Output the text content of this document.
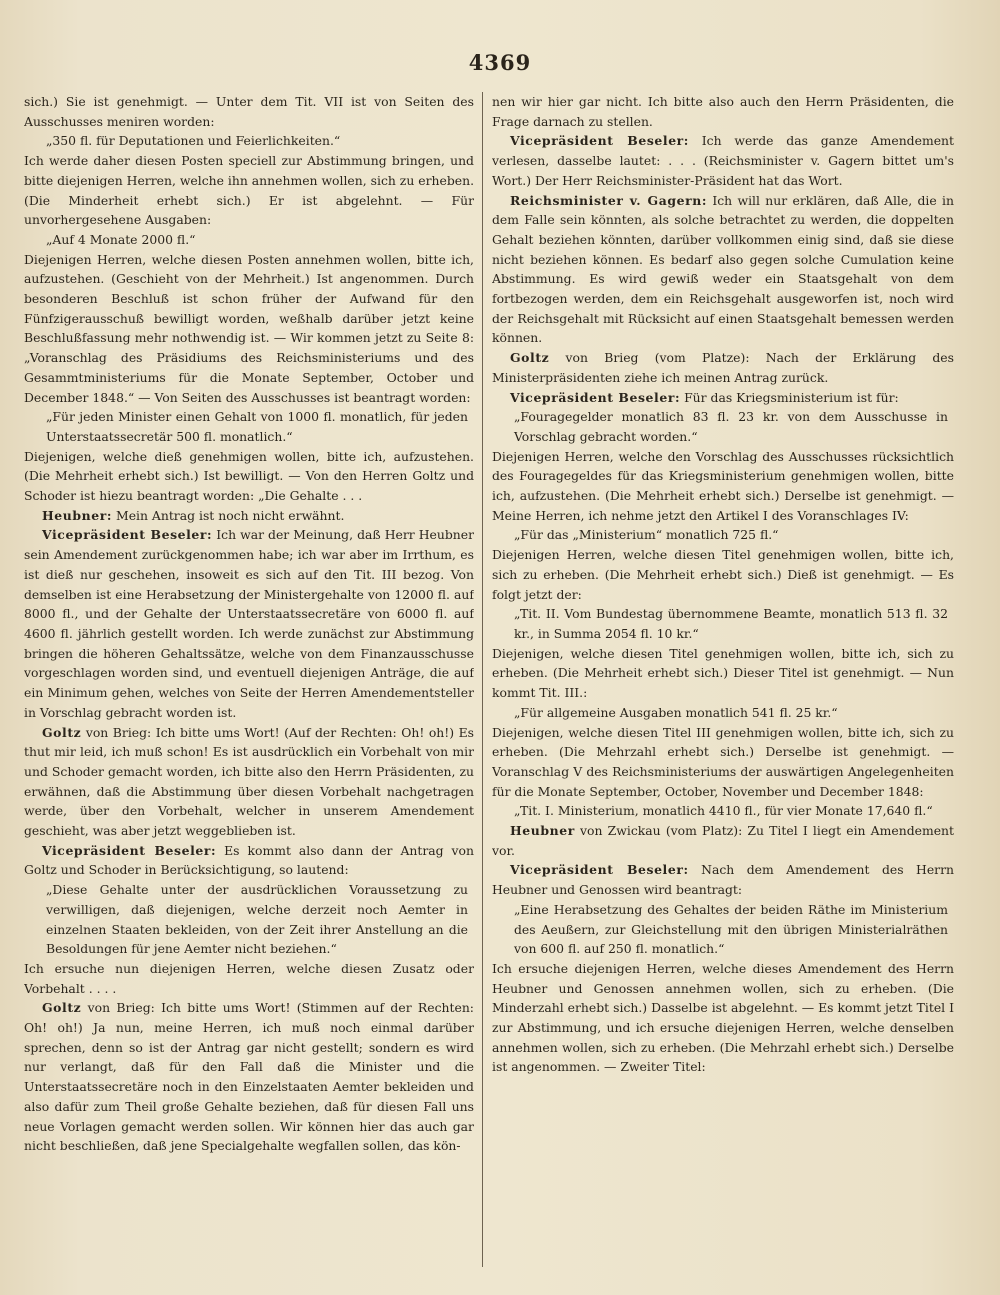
4369

sich.) Sie ist genehmigt. — Unter dem Tit. VII ist von Seiten des Ausschusses meniren worden:

„350 fl. für Deputationen und Feierlichkeiten.“

Ich werde daher diesen Posten speciell zur Abstimmung bringen, und bitte diejenigen Herren, welche ihn annehmen wollen, sich zu erheben. (Die Minderheit erhebt sich.) Er ist abgelehnt. — Für unvorhergesehene Ausgaben:

„Auf 4 Monate 2000 fl.“

Diejenigen Herren, welche diesen Posten annehmen wollen, bitte ich, aufzustehen. (Geschieht von der Mehrheit.) Ist angenommen. Durch besonderen Beschluß ist schon früher der Aufwand für den Fünfzigerausschuß bewilligt worden, weßhalb darüber jetzt keine Beschlußfassung mehr nothwendig ist. — Wir kommen jetzt zu Seite 8: „Voranschlag des Präsidiums des Reichsministeriums und des Gesammtministeriums für die Monate September, October und December 1848.“ — Von Seiten des Ausschusses ist beantragt worden:

„Für jeden Minister einen Gehalt von 1000 fl. monatlich, für jeden Unterstaatssecretär 500 fl. monatlich.“

Diejenigen, welche dieß genehmigen wollen, bitte ich, aufzustehen. (Die Mehrheit erhebt sich.) Ist bewilligt. — Von den Herren Goltz und Schoder ist hiezu beantragt worden: „Die Gehalte . . .

Heubner: Mein Antrag ist noch nicht erwähnt.

Vicepräsident Beseler: Ich war der Meinung, daß Herr Heubner sein Amendement zurückgenommen habe; ich war aber im Irrthum, es ist dieß nur geschehen, insoweit es sich auf den Tit. III bezog. Von demselben ist eine Herabsetzung der Ministergehalte von 12000 fl. auf 8000 fl., und der Gehalte der Unterstaatssecretäre von 6000 fl. auf 4600 fl. jährlich gestellt worden. Ich werde zunächst zur Abstimmung bringen die höheren Gehaltssätze, welche von dem Finanzausschusse vorgeschlagen worden sind, und eventuell diejenigen Anträge, die auf ein Minimum gehen, welches von Seite der Herren Amendementsteller in Vorschlag gebracht worden ist.

Goltz von Brieg: Ich bitte ums Wort! (Auf der Rechten: Oh! oh!) Es thut mir leid, ich muß schon! Es ist ausdrücklich ein Vorbehalt von mir und Schoder gemacht worden, ich bitte also den Herrn Präsidenten, zu erwähnen, daß die Abstimmung über diesen Vorbehalt nachgetragen werde, über den Vorbehalt, welcher in unserem Amendement geschieht, was aber jetzt weggeblieben ist.

Vicepräsident Beseler: Es kommt also dann der Antrag von Goltz und Schoder in Berücksichtigung, so lautend:

„Diese Gehalte unter der ausdrücklichen Voraussetzung zu verwilligen, daß diejenigen, welche derzeit noch Aemter in einzelnen Staaten bekleiden, von der Zeit ihrer Anstellung an die Besoldungen für jene Aemter nicht beziehen.“

Ich ersuche nun diejenigen Herren, welche diesen Zusatz oder Vorbehalt . . . .

Goltz von Brieg: Ich bitte ums Wort! (Stimmen auf der Rechten: Oh! oh!) Ja nun, meine Herren, ich muß noch einmal darüber sprechen, denn so ist der Antrag gar nicht gestellt; sondern es wird nur verlangt, daß für den Fall daß die Minister und die Unterstaatssecretäre noch in den Einzelstaaten Aemter bekleiden und also dafür zum Theil große Gehalte beziehen, daß für diesen Fall uns neue Vorlagen gemacht werden sollen. Wir können hier das auch gar nicht beschließen, daß jene Specialgehalte wegfallen sollen, das kön-

nen wir hier gar nicht. Ich bitte also auch den Herrn Präsidenten, die Frage darnach zu stellen.

Vicepräsident Beseler: Ich werde das ganze Amendement verlesen, dasselbe lautet: . . . (Reichsminister v. Gagern bittet um's Wort.) Der Herr Reichsminister-Präsident hat das Wort.

Reichsminister v. Gagern: Ich will nur erklären, daß Alle, die in dem Falle sein könnten, als solche betrachtet zu werden, die doppelten Gehalt beziehen könnten, darüber vollkommen einig sind, daß sie diese nicht beziehen können. Es bedarf also gegen solche Cumulation keine Abstimmung. Es wird gewiß weder ein Staatsgehalt von dem fortbezogen werden, dem ein Reichsgehalt ausgeworfen ist, noch wird der Reichsgehalt mit Rücksicht auf einen Staatsgehalt bemessen werden können.

Goltz von Brieg (vom Platze): Nach der Erklärung des Ministerpräsidenten ziehe ich meinen Antrag zurück.

Vicepräsident Beseler: Für das Kriegsministerium ist für:

„Fouragegelder monatlich 83 fl. 23 kr. von dem Ausschusse in Vorschlag gebracht worden.“

Diejenigen Herren, welche den Vorschlag des Ausschusses rücksichtlich des Fouragegeldes für das Kriegsministerium genehmigen wollen, bitte ich, aufzustehen. (Die Mehrheit erhebt sich.) Derselbe ist genehmigt. — Meine Herren, ich nehme jetzt den Artikel I des Voranschlages IV:

„Für das „Ministerium“ monatlich 725 fl.“

Diejenigen Herren, welche diesen Titel genehmigen wollen, bitte ich, sich zu erheben. (Die Mehrheit erhebt sich.) Dieß ist genehmigt. — Es folgt jetzt der:

„Tit. II. Vom Bundestag übernommene Beamte, monatlich 513 fl. 32 kr., in Summa 2054 fl. 10 kr.“

Diejenigen, welche diesen Titel genehmigen wollen, bitte ich, sich zu erheben. (Die Mehrheit erhebt sich.) Dieser Titel ist genehmigt. — Nun kommt Tit. III.:

„Für allgemeine Ausgaben monatlich 541 fl. 25 kr.“

Diejenigen, welche diesen Titel III genehmigen wollen, bitte ich, sich zu erheben. (Die Mehrzahl erhebt sich.) Derselbe ist genehmigt. — Voranschlag V des Reichsministeriums der auswärtigen Angelegenheiten für die Monate September, October, November und December 1848:

„Tit. I. Ministerium, monatlich 4410 fl., für vier Monate 17,640 fl.“

Heubner von Zwickau (vom Platz): Zu Titel I liegt ein Amendement vor.

Vicepräsident Beseler: Nach dem Amendement des Herrn Heubner und Genossen wird beantragt:

„Eine Herabsetzung des Gehaltes der beiden Räthe im Ministerium des Aeußern, zur Gleichstellung mit den übrigen Ministerialräthen von 600 fl. auf 250 fl. monatlich.“

Ich ersuche diejenigen Herren, welche dieses Amendement des Herrn Heubner und Genossen annehmen wollen, sich zu erheben. (Die Minderzahl erhebt sich.) Dasselbe ist abgelehnt. — Es kommt jetzt Titel I zur Abstimmung, und ich ersuche diejenigen Herren, welche denselben annehmen wollen, sich zu erheben. (Die Mehrzahl erhebt sich.) Derselbe ist angenommen. — Zweiter Titel:
